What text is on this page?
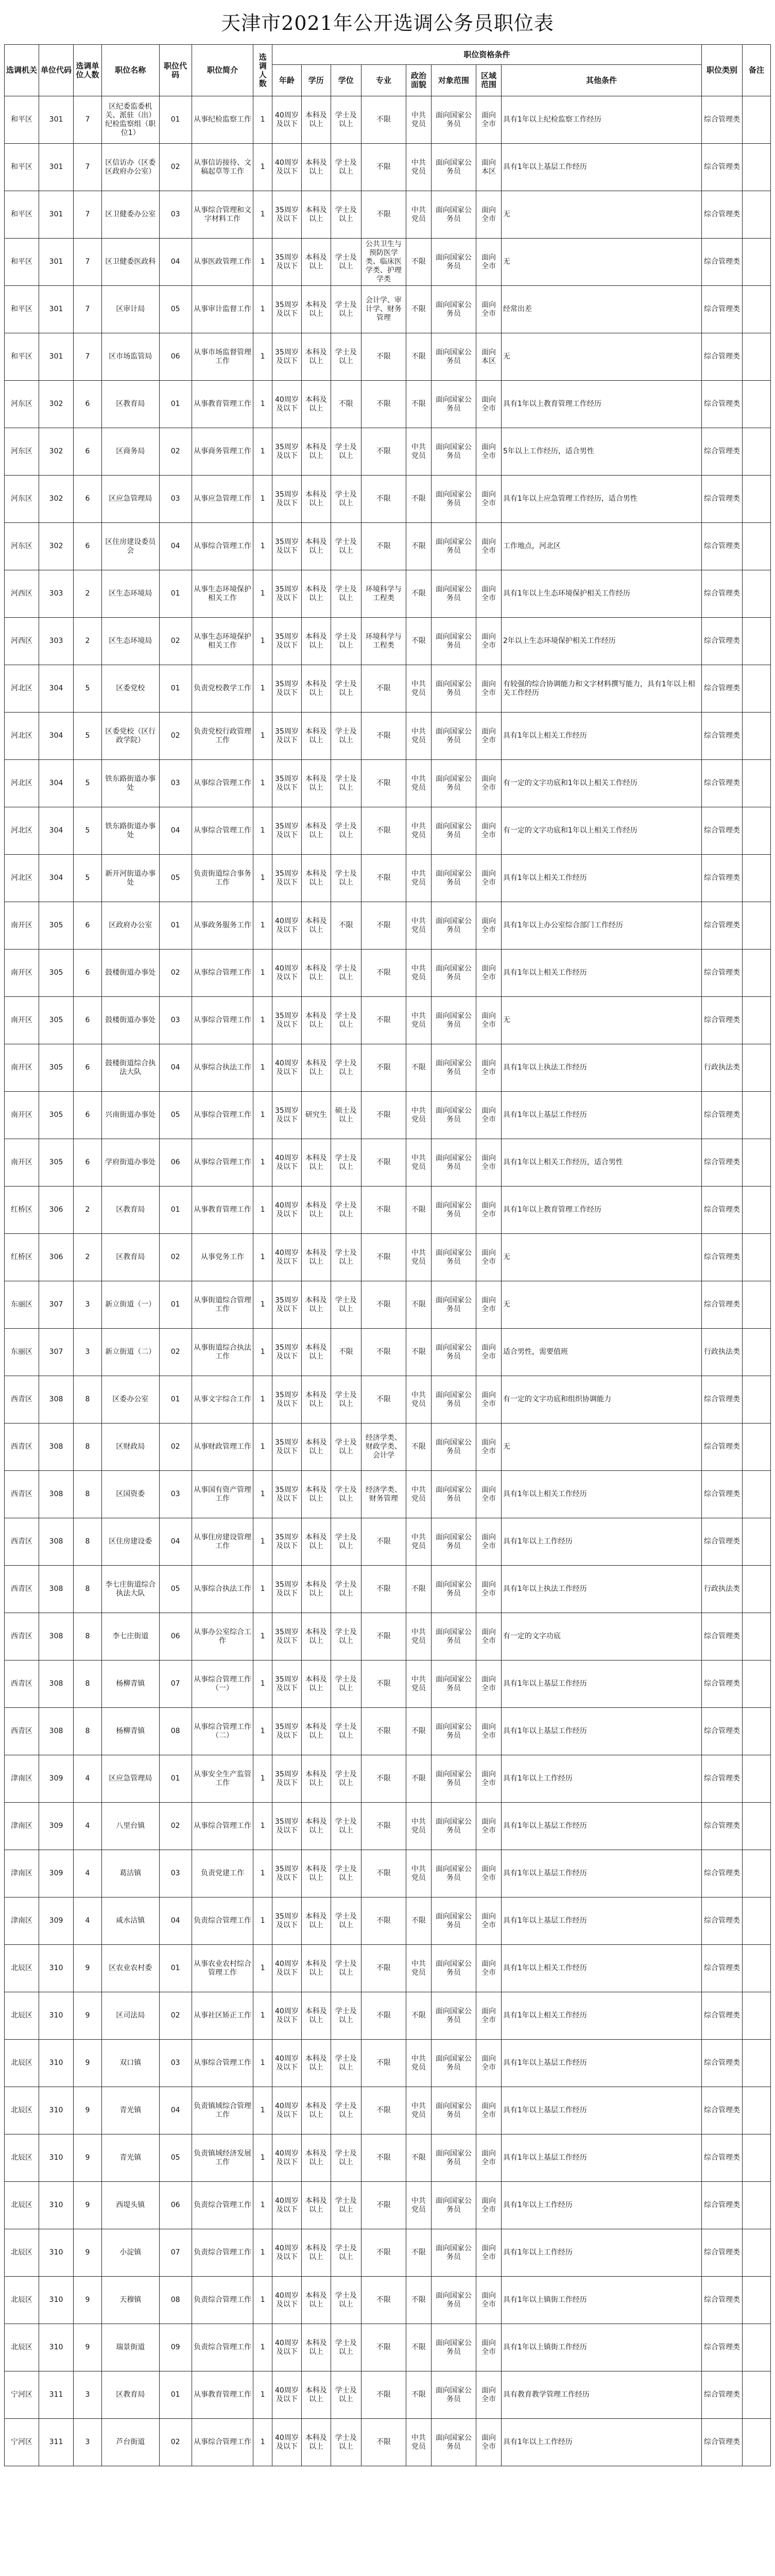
天津市2021年公开选调公务员职位表
选调机关	单位代码	选调单位人数	职位名称	职位代码	职位简介	选调人数	职位资格条件								职位类别	备注
							年龄	学历	学位	专业	政治面貌	对象范围	区域范围	其他条件		
和平区	301	7	区纪委监委机关、派驻（出）纪检监察组（职位1）	01	从事纪检监察工作	1	40周岁及以下	本科及以上	学士及以上	不限	中共党员	面向国家公务员	面向全市	具有1年以上纪检监察工作经历	综合管理类	
和平区	301	7	区信访办（区委区政府办公室）	02	从事信访接待、文稿起草等工作	1	40周岁及以下	本科及以上	学士及以上	不限	中共党员	面向国家公务员	面向本区	具有1年以上基层工作经历	综合管理类	
和平区	301	7	区卫健委办公室	03	从事综合管理和文字材料工作	1	35周岁及以下	本科及以上	学士及以上	不限	中共党员	面向国家公务员	面向全市	无	综合管理类	
和平区	301	7	区卫健委医政科	04	从事医政管理工作	1	35周岁及以下	本科及以上	学士及以上	公共卫生与预防医学类、临床医学类、护理学类	不限	面向国家公务员	面向全市	无	综合管理类	
和平区	301	7	区审计局	05	从事审计监督工作	1	35周岁及以下	本科及以上	学士及以上	会计学、审计学、财务管理	不限	面向国家公务员	面向全市	经常出差	综合管理类	
和平区	301	7	区市场监管局	06	从事市场监督管理工作	1	35周岁及以下	本科及以上	学士及以上	不限	不限	面向国家公务员	面向本区	无	综合管理类	
河东区	302	6	区教育局	01	从事教育管理工作	1	40周岁及以下	本科及以上	不限	不限	不限	面向国家公务员	面向全市	具有1年以上教育管理工作经历	综合管理类	
河东区	302	6	区商务局	02	从事商务管理工作	1	35周岁及以下	本科及以上	学士及以上	不限	中共党员	面向国家公务员	面向全市	5年以上工作经历，适合男性	综合管理类	
河东区	302	6	区应急管理局	03	从事应急管理工作	1	35周岁及以下	本科及以上	学士及以上	不限	不限	面向国家公务员	面向全市	具有1年以上应急管理工作经历，适合男性	综合管理类	
河东区	302	6	区住房建设委员会	04	从事综合管理工作	1	35周岁及以下	本科及以上	学士及以上	不限	不限	面向国家公务员	面向全市	工作地点，河北区	综合管理类	
河西区	303	2	区生态环境局	01	从事生态环境保护相关工作	1	35周岁及以下	本科及以上	学士及以上	环境科学与工程类	不限	面向国家公务员	面向全市	具有1年以上生态环境保护相关工作经历	综合管理类	
河西区	303	2	区生态环境局	02	从事生态环境保护相关工作	1	35周岁及以下	本科及以上	学士及以上	环境科学与工程类	不限	面向国家公务员	面向全市	2年以上生态环境保护相关工作经历	综合管理类	
河北区	304	5	区委党校	01	负责党校教学工作	1	35周岁及以下	本科及以上	学士及以上	不限	中共党员	面向国家公务员	面向全市	有较强的综合协调能力和文字材料撰写能力，具有1年以上相关工作经历	综合管理类	
河北区	304	5	区委党校（区行政学院）	02	负责党校行政管理工作	1	35周岁及以下	本科及以上	学士及以上	不限	中共党员	面向国家公务员	面向全市	具有1年以上相关工作经历	综合管理类	
河北区	304	5	铁东路街道办事处	03	从事综合管理工作	1	35周岁及以下	本科及以上	学士及以上	不限	中共党员	面向国家公务员	面向全市	有一定的文字功底和1年以上相关工作经历	综合管理类	
河北区	304	5	铁东路街道办事处	04	从事综合管理工作	1	35周岁及以下	本科及以上	学士及以上	不限	中共党员	面向国家公务员	面向全市	有一定的文字功底和1年以上相关工作经历	综合管理类	
河北区	304	5	新开河街道办事处	05	负责街道综合事务工作	1	35周岁及以下	本科及以上	学士及以上	不限	中共党员	面向国家公务员	面向全市	具有1年以上相关工作经历	综合管理类	
南开区	305	6	区政府办公室	01	从事政务服务工作	1	40周岁及以下	本科及以上	不限	不限	中共党员	面向国家公务员	面向全市	具有1年以上办公室综合部门工作经历	综合管理类	
南开区	305	6	鼓楼街道办事处	02	从事综合管理工作	1	40周岁及以下	本科及以上	学士及以上	不限	中共党员	面向国家公务员	面向全市	具有1年以上相关工作经历	综合管理类	
南开区	305	6	鼓楼街道办事处	03	从事综合管理工作	1	35周岁及以下	本科及以上	学士及以上	不限	中共党员	面向国家公务员	面向全市	无	综合管理类	
南开区	305	6	鼓楼街道综合执法大队	04	从事综合执法工作	1	40周岁及以下	本科及以上	学士及以上	不限	不限	面向国家公务员	面向全市	具有1年以上执法工作经历	行政执法类	
南开区	305	6	兴南街道办事处	05	从事综合管理工作	1	35周岁及以下	研究生	硕士及以上	不限	中共党员	面向国家公务员	面向全市	具有1年以上基层工作经历	综合管理类	
南开区	305	6	学府街道办事处	06	从事综合管理工作	1	40周岁及以下	本科及以上	学士及以上	不限	中共党员	面向国家公务员	面向全市	具有1年以上相关工作经历，适合男性	综合管理类	
红桥区	306	2	区教育局	01	从事教育管理工作	1	40周岁及以下	本科及以上	学士及以上	不限	不限	面向国家公务员	面向全市	具有1年以上教育管理工作经历	综合管理类	
红桥区	306	2	区教育局	02	从事党务工作	1	40周岁及以下	本科及以上	学士及以上	不限	中共党员	面向国家公务员	面向全市	无	综合管理类	
东丽区	307	3	新立街道（一）	01	从事街道综合管理工作	1	35周岁及以下	本科及以上	学士及以上	不限	不限	面向国家公务员	面向全市	无	综合管理类	
东丽区	307	3	新立街道（二）	02	从事街道综合执法工作	1	35周岁及以下	本科及以上	不限	不限	不限	面向国家公务员	面向全市	适合男性，需要值班	行政执法类	
西青区	308	8	区委办公室	01	从事文字综合工作	1	35周岁及以下	本科及以上	学士及以上	不限	中共党员	面向国家公务员	面向全市	有一定的文字功底和组织协调能力	综合管理类	
西青区	308	8	区财政局	02	从事财政管理工作	1	35周岁及以下	本科及以上	学士及以上	经济学类、财政学类、会计学	不限	面向国家公务员	面向全市	无	综合管理类	
西青区	308	8	区国资委	03	从事国有资产管理工作	1	35周岁及以下	本科及以上	学士及以上	经济学类、财务管理	中共党员	面向国家公务员	面向全市	具有1年以上相关工作经历	综合管理类	
西青区	308	8	区住房建设委	04	从事住房建设管理工作	1	35周岁及以下	本科及以上	学士及以上	不限	中共党员	面向国家公务员	面向全市	具有1年以上工作经历	综合管理类	
西青区	308	8	李七庄街道综合执法大队	05	从事综合执法工作	1	35周岁及以下	本科及以上	学士及以上	不限	不限	面向国家公务员	面向全市	具有1年以上执法工作经历	行政执法类	
西青区	308	8	李七庄街道	06	从事办公室综合工作	1	35周岁及以下	本科及以上	学士及以上	不限	中共党员	面向国家公务员	面向全市	有一定的文字功底	综合管理类	
西青区	308	8	杨柳青镇	07	从事综合管理工作（一）	1	35周岁及以下	本科及以上	学士及以上	不限	中共党员	面向国家公务员	面向全市	具有1年以上基层工作经历	综合管理类	
西青区	308	8	杨柳青镇	08	从事综合管理工作（二）	1	35周岁及以下	本科及以上	学士及以上	不限	不限	面向国家公务员	面向全市	具有1年以上基层工作经历	综合管理类	
津南区	309	4	区应急管理局	01	从事安全生产监管工作	1	35周岁及以下	本科及以上	学士及以上	不限	不限	面向国家公务员	面向全市	具有1年以上工作经历	综合管理类	
津南区	309	4	八里台镇	02	从事综合管理工作	1	35周岁及以下	本科及以上	学士及以上	不限	中共党员	面向国家公务员	面向全市	具有1年以上基层工作经历	综合管理类	
津南区	309	4	葛沽镇	03	负责党建工作	1	35周岁及以下	本科及以上	学士及以上	不限	中共党员	面向国家公务员	面向全市	具有1年以上基层工作经历	综合管理类	
津南区	309	4	咸水沽镇	04	负责综合管理工作	1	35周岁及以下	本科及以上	学士及以上	不限	不限	面向国家公务员	面向全市	具有1年以上基层工作经历	综合管理类	
北辰区	310	9	区农业农村委	01	从事农业农村综合管理工作	1	40周岁及以下	本科及以上	学士及以上	不限	中共党员	面向国家公务员	面向全市	具有1年以上相关工作经历	综合管理类	
北辰区	310	9	区司法局	02	从事社区矫正工作	1	40周岁及以下	本科及以上	学士及以上	不限	不限	面向国家公务员	面向全市	具有1年以上相关工作经历	综合管理类	
北辰区	310	9	双口镇	03	从事综合管理工作	1	40周岁及以下	本科及以上	学士及以上	不限	中共党员	面向国家公务员	面向全市	具有1年以上基层工作经历	综合管理类	
北辰区	310	9	青光镇	04	负责镇域综合管理工作	1	40周岁及以下	本科及以上	学士及以上	不限	中共党员	面向国家公务员	面向全市	具有1年以上基层工作经历	综合管理类	
北辰区	310	9	青光镇	05	负责镇域经济发展工作	1	40周岁及以下	本科及以上	学士及以上	不限	不限	面向国家公务员	面向全市	具有1年以上基层工作经历	综合管理类	
北辰区	310	9	西堤头镇	06	负责综合管理工作	1	40周岁及以下	本科及以上	学士及以上	不限	中共党员	面向国家公务员	面向全市	具有1年以上工作经历	综合管理类	
北辰区	310	9	小淀镇	07	负责综合管理工作	1	40周岁及以下	本科及以上	学士及以上	不限	不限	面向国家公务员	面向全市	具有1年以上工作经历	综合管理类	
北辰区	310	9	天穆镇	08	负责综合管理工作	1	40周岁及以下	本科及以上	学士及以上	不限	不限	面向国家公务员	面向全市	具有1年以上镇街工作经历	综合管理类	
北辰区	310	9	瑞景街道	09	负责综合管理工作	1	40周岁及以下	本科及以上	学士及以上	不限	不限	面向国家公务员	面向全市	具有1年以上镇街工作经历	综合管理类	
宁河区	311	3	区教育局	01	从事教育管理工作	1	40周岁及以下	本科及以上	学士及以上	不限	不限	面向国家公务员	面向全市	具有教育教学管理工作经历	综合管理类	
宁河区	311	3	芦台街道	02	从事综合管理工作	1	40周岁及以下	本科及以上	学士及以上	不限	中共党员	面向国家公务员	面向全市	具有1年以上工作经历	综合管理类	
